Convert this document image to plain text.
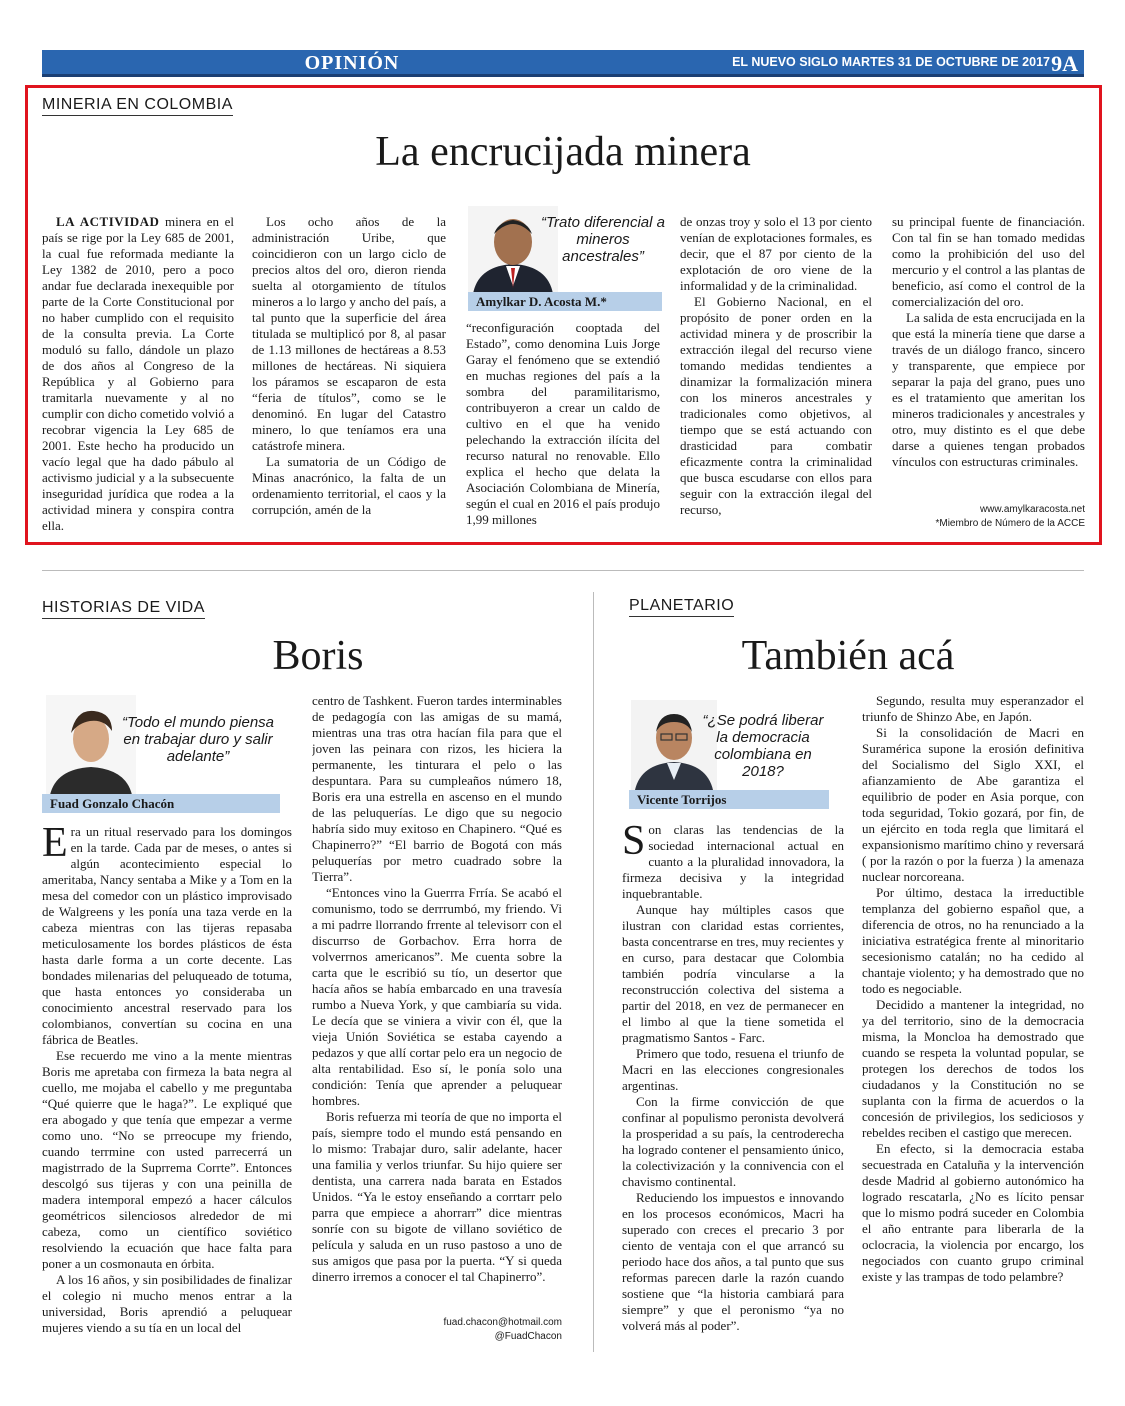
OPINIÓN	EL NUEVO SIGLO MARTES 31 DE OCTUBRE DE 2017 9A
MINERIA EN COLOMBIA
La encrucijada minera

LA ACTIVIDAD minera en el país se rige por la Ley 685 de 2001, la cual fue reformada mediante la Ley 1382 de 2010, pero a poco andar fue declarada inexequible por parte de la Corte Constitucional por no haber cumplido con el requisito de la consulta previa. La Corte moduló su fallo, dándole un plazo de dos años al Congreso de la República y al Gobierno para tramitarla nuevamente y al no cumplir con dicho cometido volvió a recobrar vigencia la Ley 685 de 2001. Este hecho ha producido un vacío legal que ha dado pábulo al activismo judicial y a la subsecuente inseguridad jurídica que rodea a la actividad minera y conspira contra ella.

Los ocho años de la administración Uribe, que coincidieron con un largo ciclo de precios altos del oro, dieron rienda suelta al otorgamiento de títulos mineros a lo largo y ancho del país, a tal punto que la superficie del área titulada se multiplicó por 8, al pasar de 1.13 millones de hectáreas a 8.53 millones de hectáreas. Ni siquiera los páramos se escaparon de esta “feria de títulos”, como se le denominó. En lugar del Catastro minero, lo que teníamos era una catástrofe minera.

La sumatoria de un Código de Minas anacrónico, la falta de un ordenamiento territorial, el caos y la corrupción, amén de la

“Trato diferencial a mineros ancestrales”
Amylkar D. Acosta M.*

“reconfiguración cooptada del Estado”, como denomina Luis Jorge Garay el fenómeno que se extendió en muchas regiones del país a la sombra del paramilitarismo, contribuyeron a crear un caldo de cultivo en el que ha venido pelechando la extracción ilícita del recurso natural no renovable. Ello explica el hecho que delata la Asociación Colombiana de Minería, según el cual en 2016 el país produjo 1,99 millones

de onzas troy y solo el 13 por ciento venían de explotaciones formales, es decir, que el 87 por ciento de la explotación de oro viene de la informalidad y de la criminalidad.

El Gobierno Nacional, en el propósito de poner orden en la actividad minera y de proscribir la extracción ilegal del recurso viene tomando medidas tendientes a dinamizar la formalización minera con los mineros ancestrales y tradicionales como objetivos, al tiempo que se está actuando con drasticidad para combatir eficazmente contra la criminalidad que busca escudarse con ellos para seguir con la extracción ilegal del recurso,

su principal fuente de financiación. Con tal fin se han tomado medidas como la prohibición del uso del mercurio y el control a las plantas de beneficio, así como el control de la comercialización del oro.

La salida de esta encrucijada en la que está la minería tiene que darse a través de un diálogo franco, sincero y transparente, que empiece por separar la paja del grano, pues uno es el tratamiento que ameritan los mineros tradicionales y ancestrales y otro, muy distinto es el que debe darse a quienes tengan probados vínculos con estructuras criminales.

www.amylkaracosta.net
*Miembro de Número de la ACCE
HISTORIAS DE VIDA
Boris
“Todo el mundo piensa en trabajar duro y salir adelante”
Fuad Gonzalo Chacón

Era un ritual reservado para los domingos en la tarde. Cada par de meses, o antes si algún acontecimiento especial lo ameritaba, Nancy sentaba a Mike y a Tom en la mesa del comedor con un plástico improvisado de Walgreens y les ponía una taza verde en la cabeza mientras con las tijeras repasaba meticulosamente los bordes plásticos de ésta hasta darle forma a un corte decente. Las bondades milenarias del peluqueado de totuma, que hasta entonces yo consideraba un conocimiento ancestral reservado para los colombianos, convertían su cocina en una fábrica de Beatles.

Ese recuerdo me vino a la mente mientras Boris me apretaba con firmeza la bata negra al cuello, me mojaba el cabello y me preguntaba “Qué quierre que le haga?”. Le expliqué que era abogado y que tenía que empezar a verme como uno. “No se prreocupe my friendo, cuando terrmine con usted parrecerrá un magistrrado de la Suprrema Corrte”. Entonces descolgó sus tijeras y con una peinilla de madera intemporal empezó a hacer cálculos geométricos silenciosos alrededor de mi cabeza, como un científico soviético resolviendo la ecuación que hace falta para poner a un cosmonauta en órbita.

A los 16 años, y sin posibilidades de finalizar el colegio ni mucho menos entrar a la universidad, Boris aprendió a peluquear mujeres viendo a su tía en un local del

centro de Tashkent. Fueron tardes interminables de pedagogía con las amigas de su mamá, mientras una tras otra hacían fila para que el joven las peinara con rizos, les hiciera la permanente, les tinturara el pelo o las despuntara. Para su cumpleaños número 18, Boris era una estrella en ascenso en el mundo de las peluquerías. Le digo que su negocio habría sido muy exitoso en Chapinero. “Qué es Chapinerro?” “El barrio de Bogotá con más peluquerías por metro cuadrado sobre la Tierra”.

“Entonces vino la Guerrra Frría. Se acabó el comunismo, todo se derrrumbó, my friendo. Vi a mi padrre llorrando frrente al televisorr con el discurrso de Gorbachov. Erra horra de volverrnos americanos”. Me cuenta sobre la carta que le escribió su tío, un desertor que hacía años se había embarcado en una travesía rumbo a Nueva York, y que cambiaría su vida. Le decía que se viniera a vivir con él, que la vieja Unión Soviética se estaba cayendo a pedazos y que allí cortar pelo era un negocio de alta rentabilidad. Eso sí, le ponía solo una condición: Tenía que aprender a peluquear hombres.

Boris refuerza mi teoría de que no importa el país, siempre todo el mundo está pensando en lo mismo: Trabajar duro, salir adelante, hacer una familia y verlos triunfar. Su hijo quiere ser dentista, una carrera nada barata en Estados Unidos. “Ya le estoy enseñando a corrtarr pelo parra que empiece a ahorrarr” dice mientras sonríe con su bigote de villano soviético de película y saluda en un ruso pastoso a uno de sus amigos que pasa por la puerta. “Y si queda dinerro irremos a conocer el tal Chapinerro”.

fuad.chacon@hotmail.com
@FuadChacon
PLANETARIO
También acá
“¿Se podrá liberar la democracia colombiana en 2018?
Vicente Torrijos

Son claras las tendencias de la sociedad internacional actual en cuanto a la pluralidad innovadora, la firmeza decisiva y la integridad inquebrantable.

Aunque hay múltiples casos que ilustran con claridad estas corrientes, basta concentrarse en tres, muy recientes y en curso, para destacar que Colombia también podría vincularse a la reconstrucción colectiva del sistema a partir del 2018, en vez de permanecer en el limbo al que la tiene sometida el pragmatismo Santos - Farc.

Primero que todo, resuena el triunfo de Macri en las elecciones congresionales argentinas.

Con la firme convicción de que confinar al populismo peronista devolverá la prosperidad a su país, la centroderecha ha logrado contener el pensamiento único, la colectivización y la connivencia con el chavismo continental.

Reduciendo los impuestos e innovando en los procesos económicos, Macri ha superado con creces el precario 3 por ciento de ventaja con el que arrancó su periodo hace dos años, a tal punto que sus reformas parecen darle la razón cuando sostiene que “la historia cambiará para siempre” y que el peronismo “ya no volverá más al poder”.

Segundo, resulta muy esperanzador el triunfo de Shinzo Abe, en Japón.

Si la consolidación de Macri en Suramérica supone la erosión definitiva del Socialismo del Siglo XXI, el afianzamiento de Abe garantiza el equilibrio de poder en Asia porque, con toda seguridad, Tokio gozará, por fin, de un ejército en toda regla que limitará el expansionismo marítimo chino y reversará ( por la razón o por la fuerza ) la amenaza nuclear norcoreana.

Por último, destaca la irreductible templanza del gobierno español que, a diferencia de otros, no ha renunciado a la iniciativa estratégica frente al minoritario secesionismo catalán; no ha cedido al chantaje violento; y ha demostrado que no todo es negociable.

Decidido a mantener la integridad, no ya del territorio, sino de la democracia misma, la Moncloa ha demostrado que cuando se respeta la voluntad popular, se protegen los derechos de todos los ciudadanos y la Constitución no se suplanta con la firma de acuerdos o la concesión de privilegios, los sediciosos y rebeldes reciben el castigo que merecen.

En efecto, si la democracia estaba secuestrada en Cataluña y la intervención desde Madrid al gobierno autonómico ha logrado rescatarla, ¿No es lícito pensar que lo mismo podrá suceder en Colombia el año entrante para liberarla de la oclocracia, la violencia por encargo, los negociados con cuanto grupo criminal existe y las trampas de todo pelambre?
